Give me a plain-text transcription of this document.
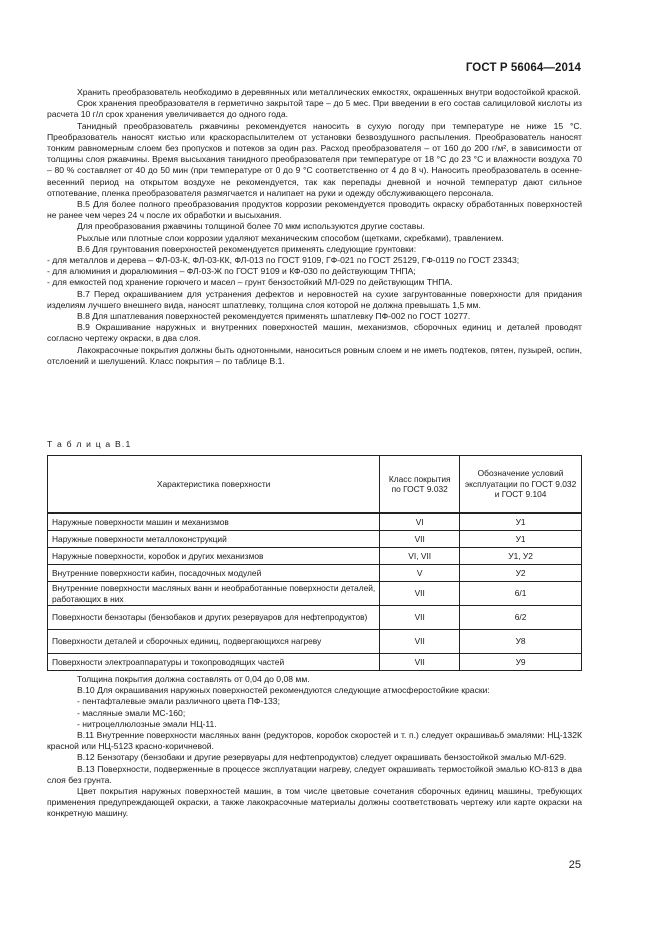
ГОСТ Р 56064—2014

Хранить преобразователь необходимо в деревянных или металлических емкостях, окрашенных внутри водостойкой краской.

Срок хранения преобразователя в герметично закрытой таре – до 5 мес. При введении в его состав салициловой кислоты из расчета 10 г/л срок хранения увеличивается до одного года.

Танидный преобразователь ржавчины рекомендуется наносить в сухую погоду при температуре не ниже 15 °С. Преобразователь наносят кистью или краскораспылителем от установки безвоздушного распыления. Преобразователь наносят тонким равномерным слоем без пропусков и потеков за один раз. Расход преобразователя – от 160 до 200 г/м², в зависимости от толщины слоя ржавчины. Время высыхания танидного преобразователя при температуре от 18 °С до 23 °С и влажности воздуха 70 – 80 % составляет от 40 до 50 мин (при температуре от 0 до 9 °С соответственно от 4 до 8 ч). Наносить преобразователь в осенне-весенний период на открытом воздухе не рекомендуется, так как перепады дневной и ночной температур дают сильное отпотевание, пленка преобразователя размягчается и налипает на руки и одежду обслуживающего персонала.

В.5 Для более полного преобразования продуктов коррозии рекомендуется проводить окраску обработанных поверхностей не ранее чем через 24 ч после их обработки и высыхания.

Для преобразования ржавчины толщиной более 70 мкм используются другие составы.

Рыхлые или плотные слои коррозии удаляют механическим способом (щетками, скребками), травлением.

В.6 Для грунтования поверхностей рекомендуется применять следующие грунтовки:

- для металлов и дерева – ФЛ-03-К, ФЛ-03-КК, ФЛ-013 по ГОСТ 9109, ГФ-021 по ГОСТ 25129, ГФ-0119 по ГОСТ 23343;

- для алюминия и дюралюминия – ФЛ-03-Ж по ГОСТ 9109 и КФ-030 по действующим ТНПА;

- для емкостей под хранение горючего и масел – грунт бензостойкий МЛ-029 по действующим ТНПА.

В.7 Перед окрашиванием для устранения дефектов и неровностей на сухие загрунтованные поверхности для придания изделиям лучшего внешнего вида, наносят шпатлевку, толщина слоя которой не должна превышать 1,5 мм.

В.8 Для шпатлевания поверхностей рекомендуется применять шпатлевку ПФ-002 по ГОСТ 10277.

В.9 Окрашивание наружных и внутренних поверхностей машин, механизмов, сборочных единиц и деталей проводят согласно чертежу окраски, в два слоя.

Лакокрасочные покрытия должны быть однотонными, наноситься ровным слоем и не иметь подтеков, пятен, пузырей, оспин, отслоений и шелушений. Класс покрытия – по таблице В.1.

Т а б л и ц а В.1
Характеристика поверхности	Класс покрытия по ГОСТ 9.032	Обозначение условий эксплуатации по ГОСТ 9.032 и ГОСТ 9.104
Наружные поверхности машин и механизмов	VI	У1
Наружные поверхности металлоконструкций	VII	У1
Наружные поверхности, коробок и других механизмов	VI, VII	У1, У2
Внутренние поверхности кабин, посадочных модулей	V	У2
Внутренние поверхности масляных ванн и необработанные поверхности деталей, работающих в них	VII	6/1
Поверхности бензотары (бензобаков и других резервуаров для нефтепродуктов)	VII	6/2
Поверхности деталей и сборочных единиц, подвергающихся нагреву	VII	У8
Поверхности электроаппаратуры и токопроводящих частей	VII	У9

Толщина покрытия должна составлять от 0,04 до 0,08 мм.

В.10 Для окрашивания наружных поверхностей рекомендуются следующие атмосферостойкие краски:

- пентафталевые эмали различного цвета ПФ-133;

- масляные эмали МС-160;

- нитроцеллюлозные эмали НЦ-11.

В.11 Внутренние поверхности масляных ванн (редукторов, коробок скоростей и т. п.) следует окрашиваьб эмалями: НЦ-132К красной или НЦ-5123 красно-коричневой.

В.12 Бензотару (бензобаки и другие резервуары для нефтепродуктов) следует окрашивать бензостойкой эмалью МЛ-629.

В.13 Поверхности, подверженные в процессе эксплуатации нагреву, следует окрашивать термостойкой эмалью КО-813 в два слоя без грунта.

Цвет покрытия наружных поверхностей машин, в том числе цветовые сочетания сборочных единиц машины, требующих применения предупреждающей окраски, а также лакокрасочные материалы должны соответствовать чертежу или карте окраски на конкретную машину.

25
